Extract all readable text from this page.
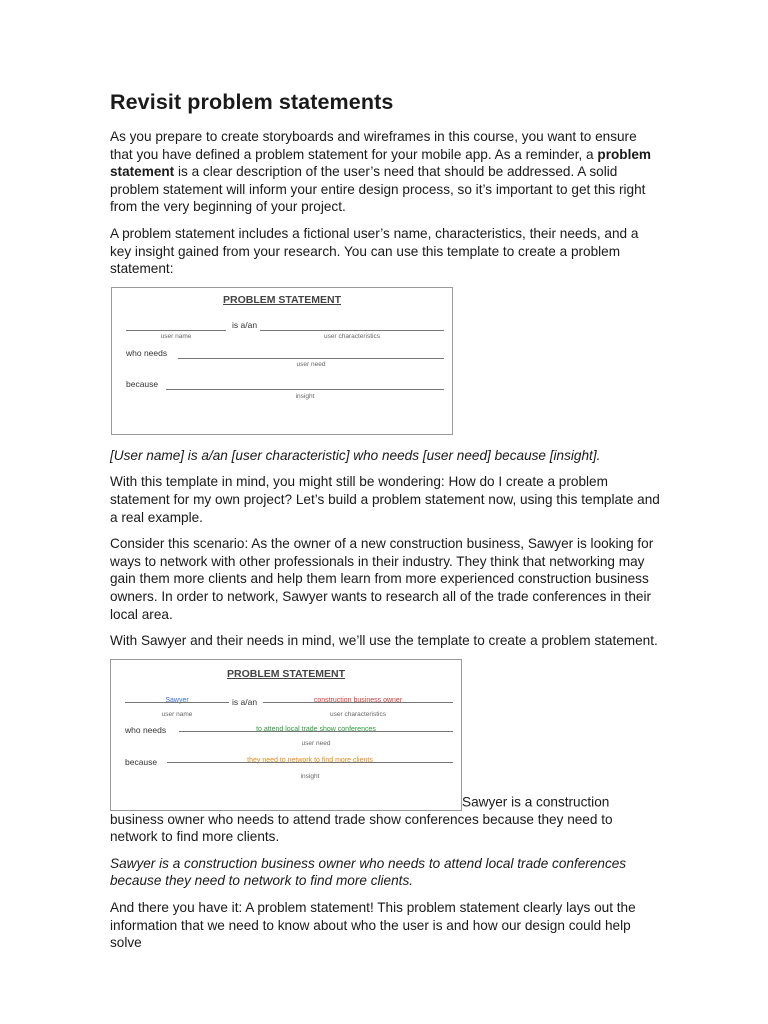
Revisit problem statements

As you prepare to create storyboards and wireframes in this course, you want to ensure that you have defined a problem statement for your mobile app. As a reminder, a problem statement is a clear description of the user’s need that should be addressed. A solid problem statement will inform your entire design process, so it’s important to get this right from the very beginning of your project.

A problem statement includes a fictional user’s name, characteristics, their needs, and a key insight gained from your research. You can use this template to create a problem statement:

PROBLEM STATEMENT
is a/an
user name	user characteristics
who needs
user need
because
insight

[User name] is a/an [user characteristic] who needs [user need] because [insight].

With this template in mind, you might still be wondering: How do I create a problem statement for my own project? Let’s build a problem statement now, using this template and a real example.

Consider this scenario: As the owner of a new construction business, Sawyer is looking for ways to network with other professionals in their industry. They think that networking may gain them more clients and help them learn from more experienced construction business owners. In order to network, Sawyer wants to research all of the trade conferences in their local area.

With Sawyer and their needs in mind, we’ll use the template to create a problem statement.

PROBLEM STATEMENT
Sawyer	is a/an	construction business owner
user name	user characteristics
who needs	to attend local trade show conferences
user need
because	they need to network to find more clients
insight
Sawyer is a construction business owner who needs to attend trade show conferences because they need to network to find more clients.

Sawyer is a construction business owner who needs to attend local trade conferences because they need to network to find more clients.

And there you have it: A problem statement! This problem statement clearly lays out the information that we need to know about who the user is and how our design could help solve
